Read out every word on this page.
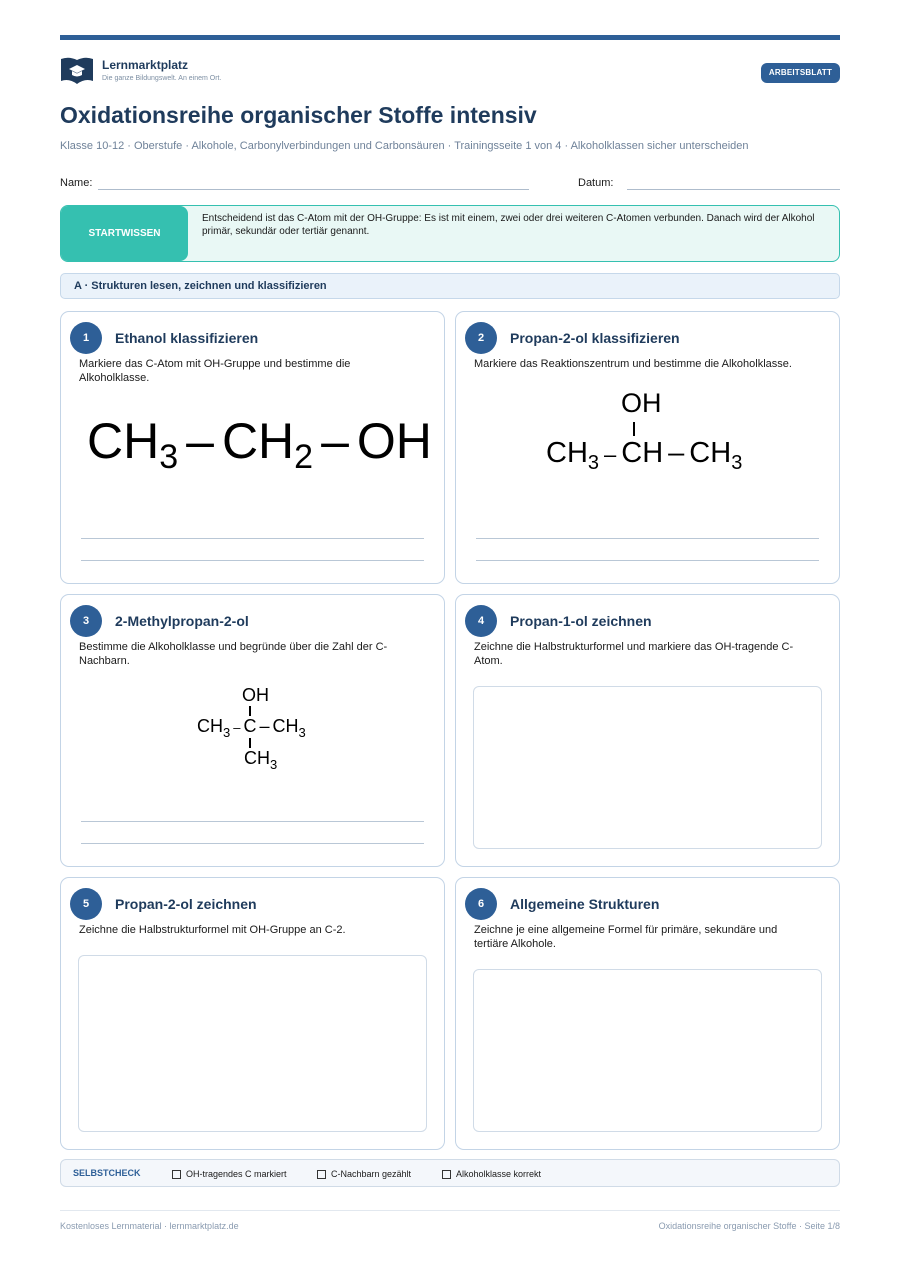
Lernmarktplatz
Die ganze Bildungswelt. An einem Ort.
ARBEITSBLATT
Oxidationsreihe organischer Stoffe intensiv
Klasse 10-12 · Oberstufe · Alkohole, Carbonylverbindungen und Carbonsäuren · Trainingsseite 1 von 4 · Alkoholklassen sicher unterscheiden
Name:	Datum:
STARTWISSEN
Entscheidend ist das C-Atom mit der OH-Gruppe: Es ist mit einem, zwei oder drei weiteren C-Atomen verbunden. Danach wird der Alkohol primär, sekundär oder tertiär genannt.
A · Strukturen lesen, zeichnen und klassifizieren
1	Ethanol klassifizieren
Markiere das C-Atom mit OH-Gruppe und bestimme die Alkoholklasse.
$CH_3 - CH_2$ – OH
2	Propan-2-ol klassifizieren
Markiere das Reaktionszentrum und bestimme die Alkoholklasse.
OH
$CH_3$ – CH – $CH_3$
3	2-Methylpropan-2-ol
Bestimme die Alkoholklasse und begründe über die Zahl der C-Nachbarn.
OH
$CH_3$ – C – $CH_3$
$CH_3$
4	Propan-1-ol zeichnen
Zeichne die Halbstrukturformel und markiere das OH-tragende C-Atom.
5	Propan-2-ol zeichnen
Zeichne die Halbstrukturformel mit OH-Gruppe an C-2.
6	Allgemeine Strukturen
Zeichne je eine allgemeine Formel für primäre, sekundäre und tertiäre Alkohole.
SELBSTCHECK	OH-tragendes C markiert	C-Nachbarn gezählt	Alkoholklasse korrekt
Kostenloses Lernmaterial · lernmarktplatz.de	Oxidationsreihe organischer Stoffe · Seite 1/8
